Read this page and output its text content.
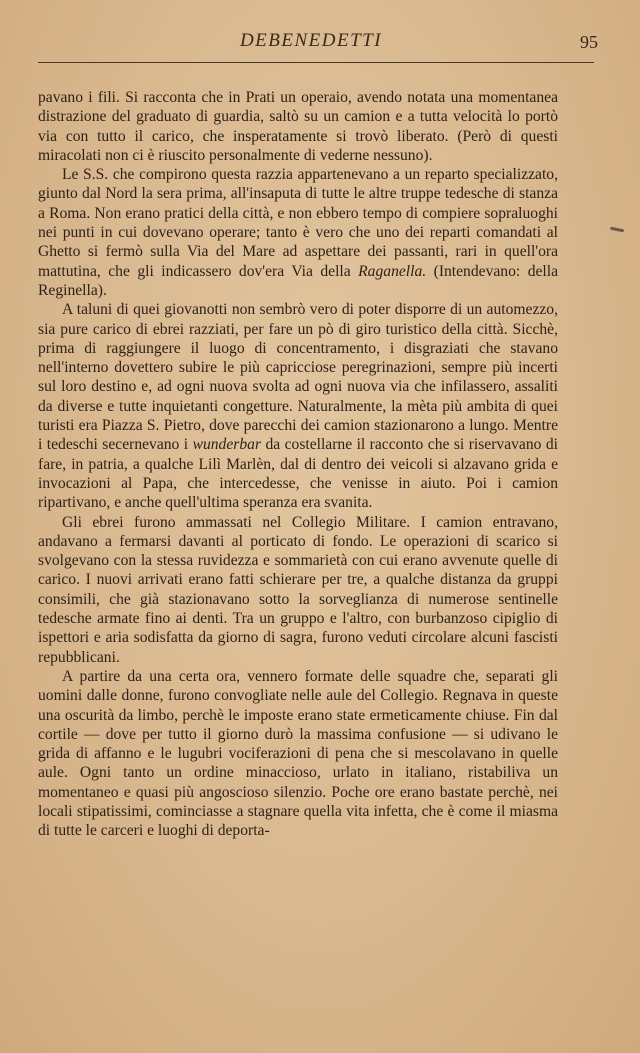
DEBENEDETTI	95

pavano i fili. Si racconta che in Prati un operaio, avendo notata una momentanea distrazione del graduato di guardia, saltò su un camion e a tutta velocità lo portò via con tutto il carico, che insperatamente si trovò liberato. (Però di questi miracolati non ci è riuscito personalmente di vederne nessuno).

Le S.S. che compirono questa razzia appartenevano a un reparto specializzato, giunto dal Nord la sera prima, all'insaputa di tutte le altre truppe tedesche di stanza a Roma. Non erano pratici della città, e non ebbero tempo di compiere sopraluoghi nei punti in cui dovevano operare; tanto è vero che uno dei reparti comandati al Ghetto si fermò sulla Via del Mare ad aspettare dei passanti, rari in quell'ora mattutina, che gli indicassero dov'era Via della Raganella. (Intendevano: della Reginella).

A taluni di quei giovanotti non sembrò vero di poter disporre di un automezzo, sia pure carico di ebrei razziati, per fare un pò di giro turistico della città. Sicchè, prima di raggiungere il luogo di concentramento, i disgraziati che stavano nell'interno dovettero subire le più capricciose peregrinazioni, sempre più incerti sul loro destino e, ad ogni nuova svolta ad ogni nuova via che infilassero, assaliti da diverse e tutte inquietanti congetture. Naturalmente, la mèta più ambita di quei turisti era Piazza S. Pietro, dove parecchi dei camion stazionarono a lungo. Mentre i tedeschi secernevano i wunderbar da costellarne il racconto che si riservavano di fare, in patria, a qualche Lilì Marlèn, dal di dentro dei veicoli si alzavano grida e invocazioni al Papa, che intercedesse, che venisse in aiuto. Poi i camion ripartivano, e anche quell'ultima speranza era svanita.

Gli ebrei furono ammassati nel Collegio Militare. I camion entravano, andavano a fermarsi davanti al porticato di fondo. Le operazioni di scarico si svolgevano con la stessa ruvidezza e sommarietà con cui erano avvenute quelle di carico. I nuovi arrivati erano fatti schierare per tre, a qualche distanza da gruppi consimili, che già stazionavano sotto la sorveglianza di numerose sentinelle tedesche armate fino ai denti. Tra un gruppo e l'altro, con burbanzoso cipiglio di ispettori e aria sodisfatta da giorno di sagra, furono veduti circolare alcuni fascisti repubblicani.

A partire da una certa ora, vennero formate delle squadre che, separati gli uomini dalle donne, furono convogliate nelle aule del Collegio. Regnava in queste una oscurità da limbo, perchè le imposte erano state ermeticamente chiuse. Fin dal cortile — dove per tutto il giorno durò la massima confusione — si udivano le grida di affanno e le lugubri vociferazioni di pena che si mescolavano in quelle aule. Ogni tanto un ordine minaccioso, urlato in italiano, ristabiliva un momentaneo e quasi più angoscioso silenzio. Poche ore erano bastate perchè, nei locali stipatissimi, cominciasse a stagnare quella vita infetta, che è come il miasma di tutte le carceri e luoghi di deporta-
